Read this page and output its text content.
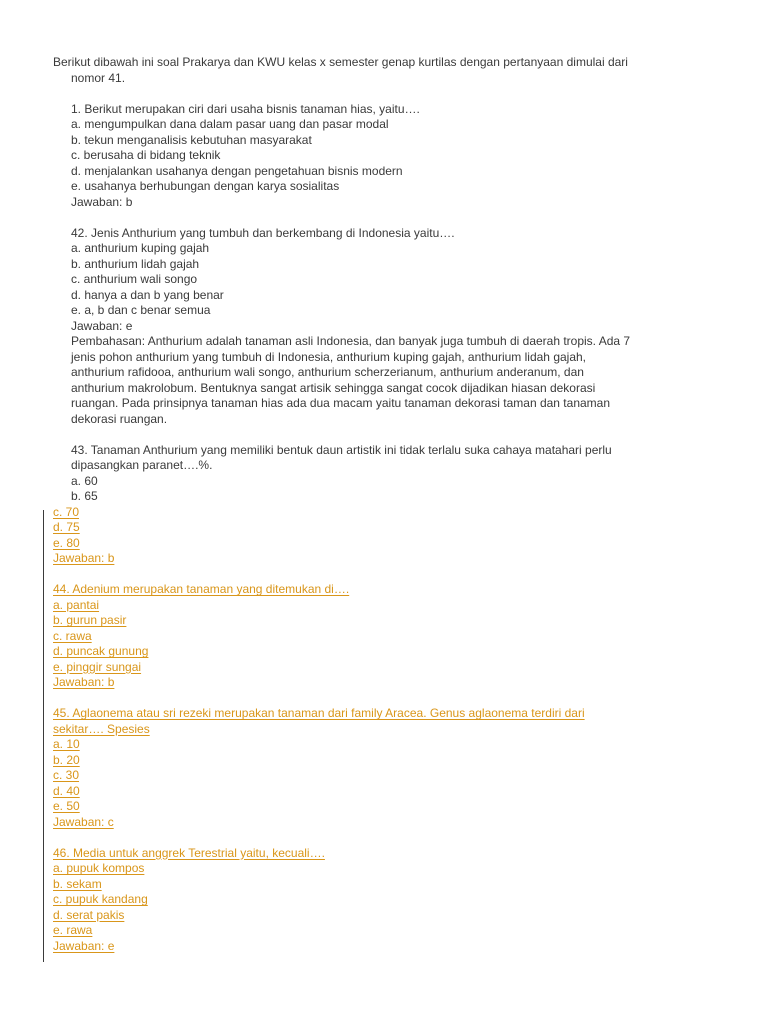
Berikut dibawah ini soal Prakarya dan KWU kelas x semester genap kurtilas dengan pertanyaan dimulai dari
nomor 41.
1. Berikut merupakan ciri dari usaha bisnis tanaman hias, yaitu….
a. mengumpulkan dana dalam pasar uang dan pasar modal
b. tekun menganalisis kebutuhan masyarakat
c. berusaha di bidang teknik
d. menjalankan usahanya dengan pengetahuan bisnis modern
e. usahanya berhubungan dengan karya sosialitas
Jawaban: b
42. Jenis Anthurium yang tumbuh dan berkembang di Indonesia yaitu….
a. anthurium kuping gajah
b. anthurium lidah gajah
c. anthurium wali songo
d. hanya a dan b yang benar
e. a, b dan c benar semua
Jawaban: e
Pembahasan: Anthurium adalah tanaman asli Indonesia, dan banyak juga tumbuh di daerah tropis. Ada 7
jenis pohon anthurium yang tumbuh di Indonesia, anthurium kuping gajah, anthurium lidah gajah,
anthurium rafidooa, anthurium wali songo, anthurium scherzerianum, anthurium anderanum, dan
anthurium makrolobum. Bentuknya sangat artisik sehingga sangat cocok dijadikan hiasan dekorasi
ruangan. Pada prinsipnya tanaman hias ada dua macam yaitu tanaman dekorasi taman dan tanaman
dekorasi ruangan.
43. Tanaman Anthurium yang memiliki bentuk daun artistik ini tidak terlalu suka cahaya matahari perlu
dipasangkan paranet….%.
a. 60
b. 65
c. 70
d. 75
e. 80
Jawaban: b
44. Adenium merupakan tanaman yang ditemukan di….
a. pantai
b. gurun pasir
c. rawa
d. puncak gunung
e. pinggir sungai
Jawaban: b
45. Aglaonema atau sri rezeki merupakan tanaman dari family Aracea. Genus aglaonema terdiri dari
sekitar…. Spesies
a. 10
b. 20
c. 30
d. 40
e. 50
Jawaban: c
46. Media untuk anggrek Terestrial yaitu, kecuali….
a. pupuk kompos
b. sekam
c. pupuk kandang
d. serat pakis
e. rawa
Jawaban: e
